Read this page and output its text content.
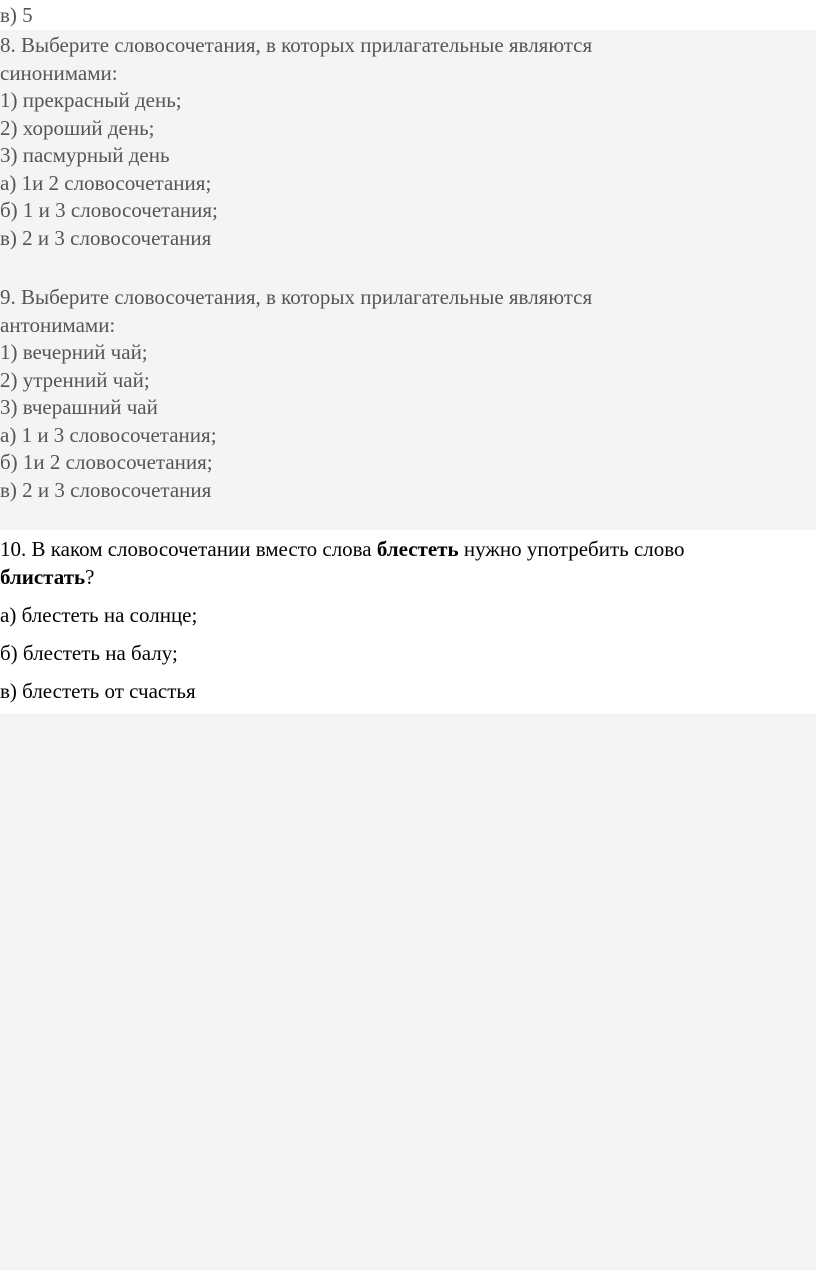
в) 5
8. Выберите словосочетания, в которых прилагательные являются
синонимами:
1) прекрасный день;
2) хороший день;
3) пасмурный день
а) 1и 2 словосочетания;
б) 1 и 3 словосочетания;
в) 2 и 3 словосочетания
9. Выберите словосочетания, в которых прилагательные являются
антонимами:
1) вечерний чай;
2) утренний чай;
3) вчерашний чай
а) 1 и 3 словосочетания;
б) 1и 2 словосочетания;
в) 2 и 3 словосочетания
10. В каком словосочетании вместо слова блестеть нужно употребить слово
блистать?
а) блестеть на солнце;
б) блестеть на балу;
в) блестеть от счастья
